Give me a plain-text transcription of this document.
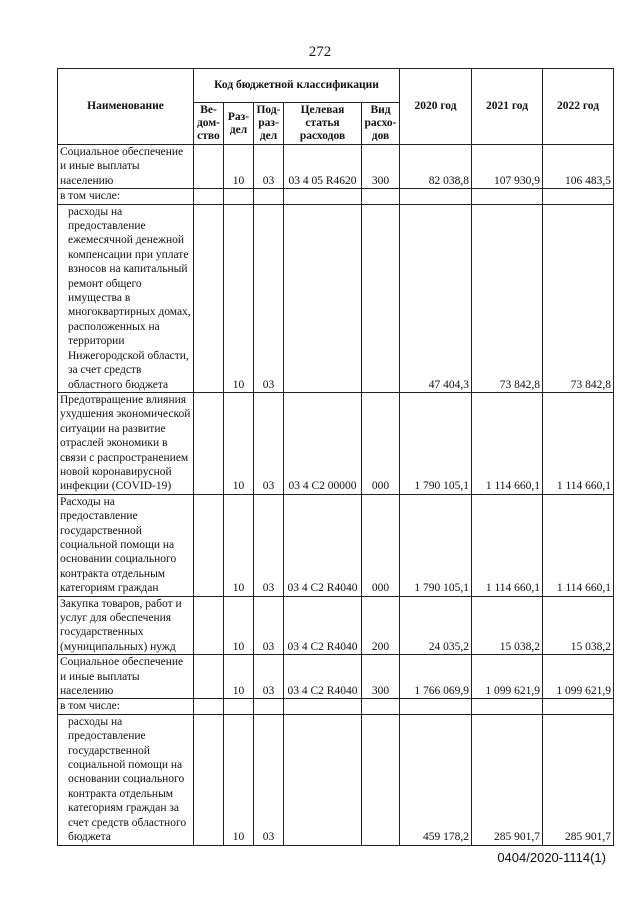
272
Наименование	Код бюджетной классификации					2020 год	2021 год	2022 год
	Ве-дом-ство	Раз-дел	Под-раз-дел	Целевая статья расходов	Вид расхо-дов			
Социальное обеспечение и иные выплаты населению		10	03	03 4 05 R4620	300	82 038,8	107 930,9	106 483,5
в том числе:								
расходы на предоставление ежемесячной денежной компенсации при уплате взносов на капитальный ремонт общего имущества в многоквартирных домах, расположенных на территории Нижегородской области, за счет средств областного бюджета		10	03			47 404,3	73 842,8	73 842,8
Предотвращение влияния ухудшения экономической ситуации на развитие отраслей экономики в связи с распространением новой коронавирусной инфекции (COVID-19)		10	03	03 4 C2 00000	000	1 790 105,1	1 114 660,1	1 114 660,1
Расходы на предоставление государственной социальной помощи на основании социального контракта отдельным категориям граждан		10	03	03 4 C2 R4040	000	1 790 105,1	1 114 660,1	1 114 660,1
Закупка товаров, работ и услуг для обеспечения государственных (муниципальных) нужд		10	03	03 4 C2 R4040	200	24 035,2	15 038,2	15 038,2
Социальное обеспечение и иные выплаты населению		10	03	03 4 C2 R4040	300	1 766 069,9	1 099 621,9	1 099 621,9
в том числе:								
расходы на предоставление государственной социальной помощи на основании социального контракта отдельным категориям граждан за счет средств областного бюджета		10	03			459 178,2	285 901,7	285 901,7
0404/2020-1114(1)
